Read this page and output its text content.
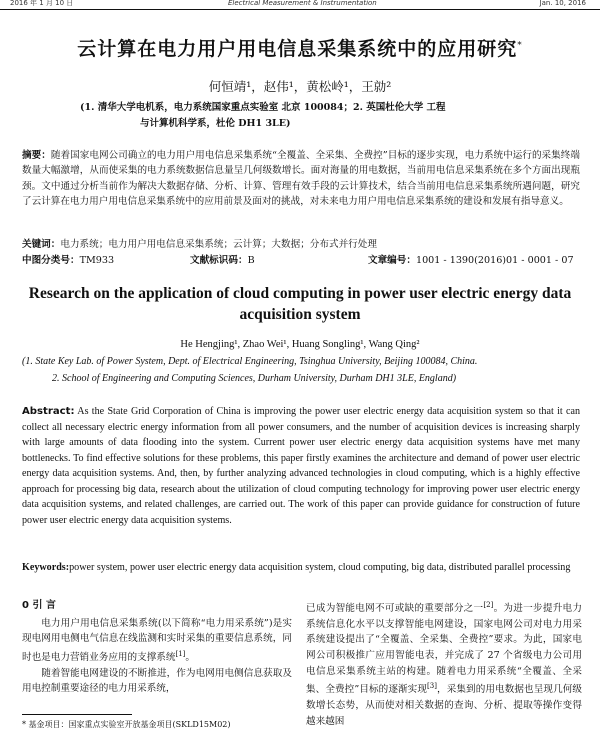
2016 年 1 月 10 日	Electrical Measurement & Instrumentation	Jan. 10, 2016
云计算在电力用户用电信息采集系统中的应用研究*
何恒靖¹，赵伟¹，黄松岭¹，王勍²
(1. 清华大学电机系，电力系统国家重点实验室 北京 100084；2. 英国杜伦大学 工程
与计算机科学系，杜伦 DH1 3LE)
摘要：随着国家电网公司确立的电力用户用电信息采集系统“全覆盖、全采集、全费控”目标的逐步实现，电力系统中运行的采集终端数量大幅激增，从而使采集的电力系统数据信息量呈几何级数增长。面对海量的用电数据，当前用电信息采集系统在多个方面出现瓶颈。文中通过分析当前作为解决大数据存储、分析、计算、管理有效手段的云计算技术，结合当前用电信息采集系统所遇问题，研究了云计算在电力用户用电信息采集系统中的应用前景及面对的挑战，对未来电力用户用电信息采集系统的建设和发展有指导意义。
关键词：电力系统；电力用户用电信息采集系统；云计算；大数据；分布式并行处理
中图分类号：TM933	文献标识码：B	文章编号：1001 - 1390(2016)01 - 0001 - 07
Research on the application of cloud computing in power user electric energy data acquisition system
He Hengjing¹, Zhao Wei¹, Huang Songling¹, Wang Qing²
(1. State Key Lab. of Power System, Dept. of Electrical Engineering, Tsinghua University, Beijing 100084, China.
2. School of Engineering and Computing Sciences, Durham University, Durham DH1 3LE, England)
Abstract: As the State Grid Corporation of China is improving the power user electric energy data acquisition system so that it can collect all necessary electric energy information from all power consumers, and the number of acquisition devices is increasing sharply with large amounts of data flooding into the system. Current power user electric energy data acquisition systems have met many bottlenecks. To find effective solutions for these problems, this paper firstly examines the architecture and demand of power user electric energy data acquisition systems. And, then, by further analyzing advanced technologies in cloud computing, which is a highly effective approach for processing big data, research about the utilization of cloud computing technology for improving power user electric energy data acquisition systems, and related challenges, are carried out. The work of this paper can provide guidance for construction of future power user electric energy data acquisition systems.
Keywords:power system, power user electric energy data acquisition system, cloud computing, big data, distributed parallel processing
0 引 言

电力用户用电信息采集系统(以下简称“电力用采系统”)是实现电网用电侧电气信息在线监测和实时采集的重要信息系统，同时也是电力营销业务应用的支撑系统[1]。

随着智能电网建设的不断推进，作为电网用电侧信息获取及用电控制重要途径的电力用采系统，

已成为智能电网不可或缺的重要部分之一[2]。为进一步提升电力系统信息化水平以支撑智能电网建设，国家电网公司对电力用采系统建设提出了“全覆盖、全采集、全费控”要求。为此，国家电网公司积极推广应用智能电表，并完成了 27 个省级电力公司用电信息采集系统主站的构建。随着电力用采系统“全覆盖、全采集、全费控”目标的逐渐实现[3]，采集到的用电数据也呈现几何级数增长态势，从而使对相关数据的查询、分析、提取等操作变得越来越困

* 基金项目：国家重点实验室开放基金项目(SKLD15M02)
